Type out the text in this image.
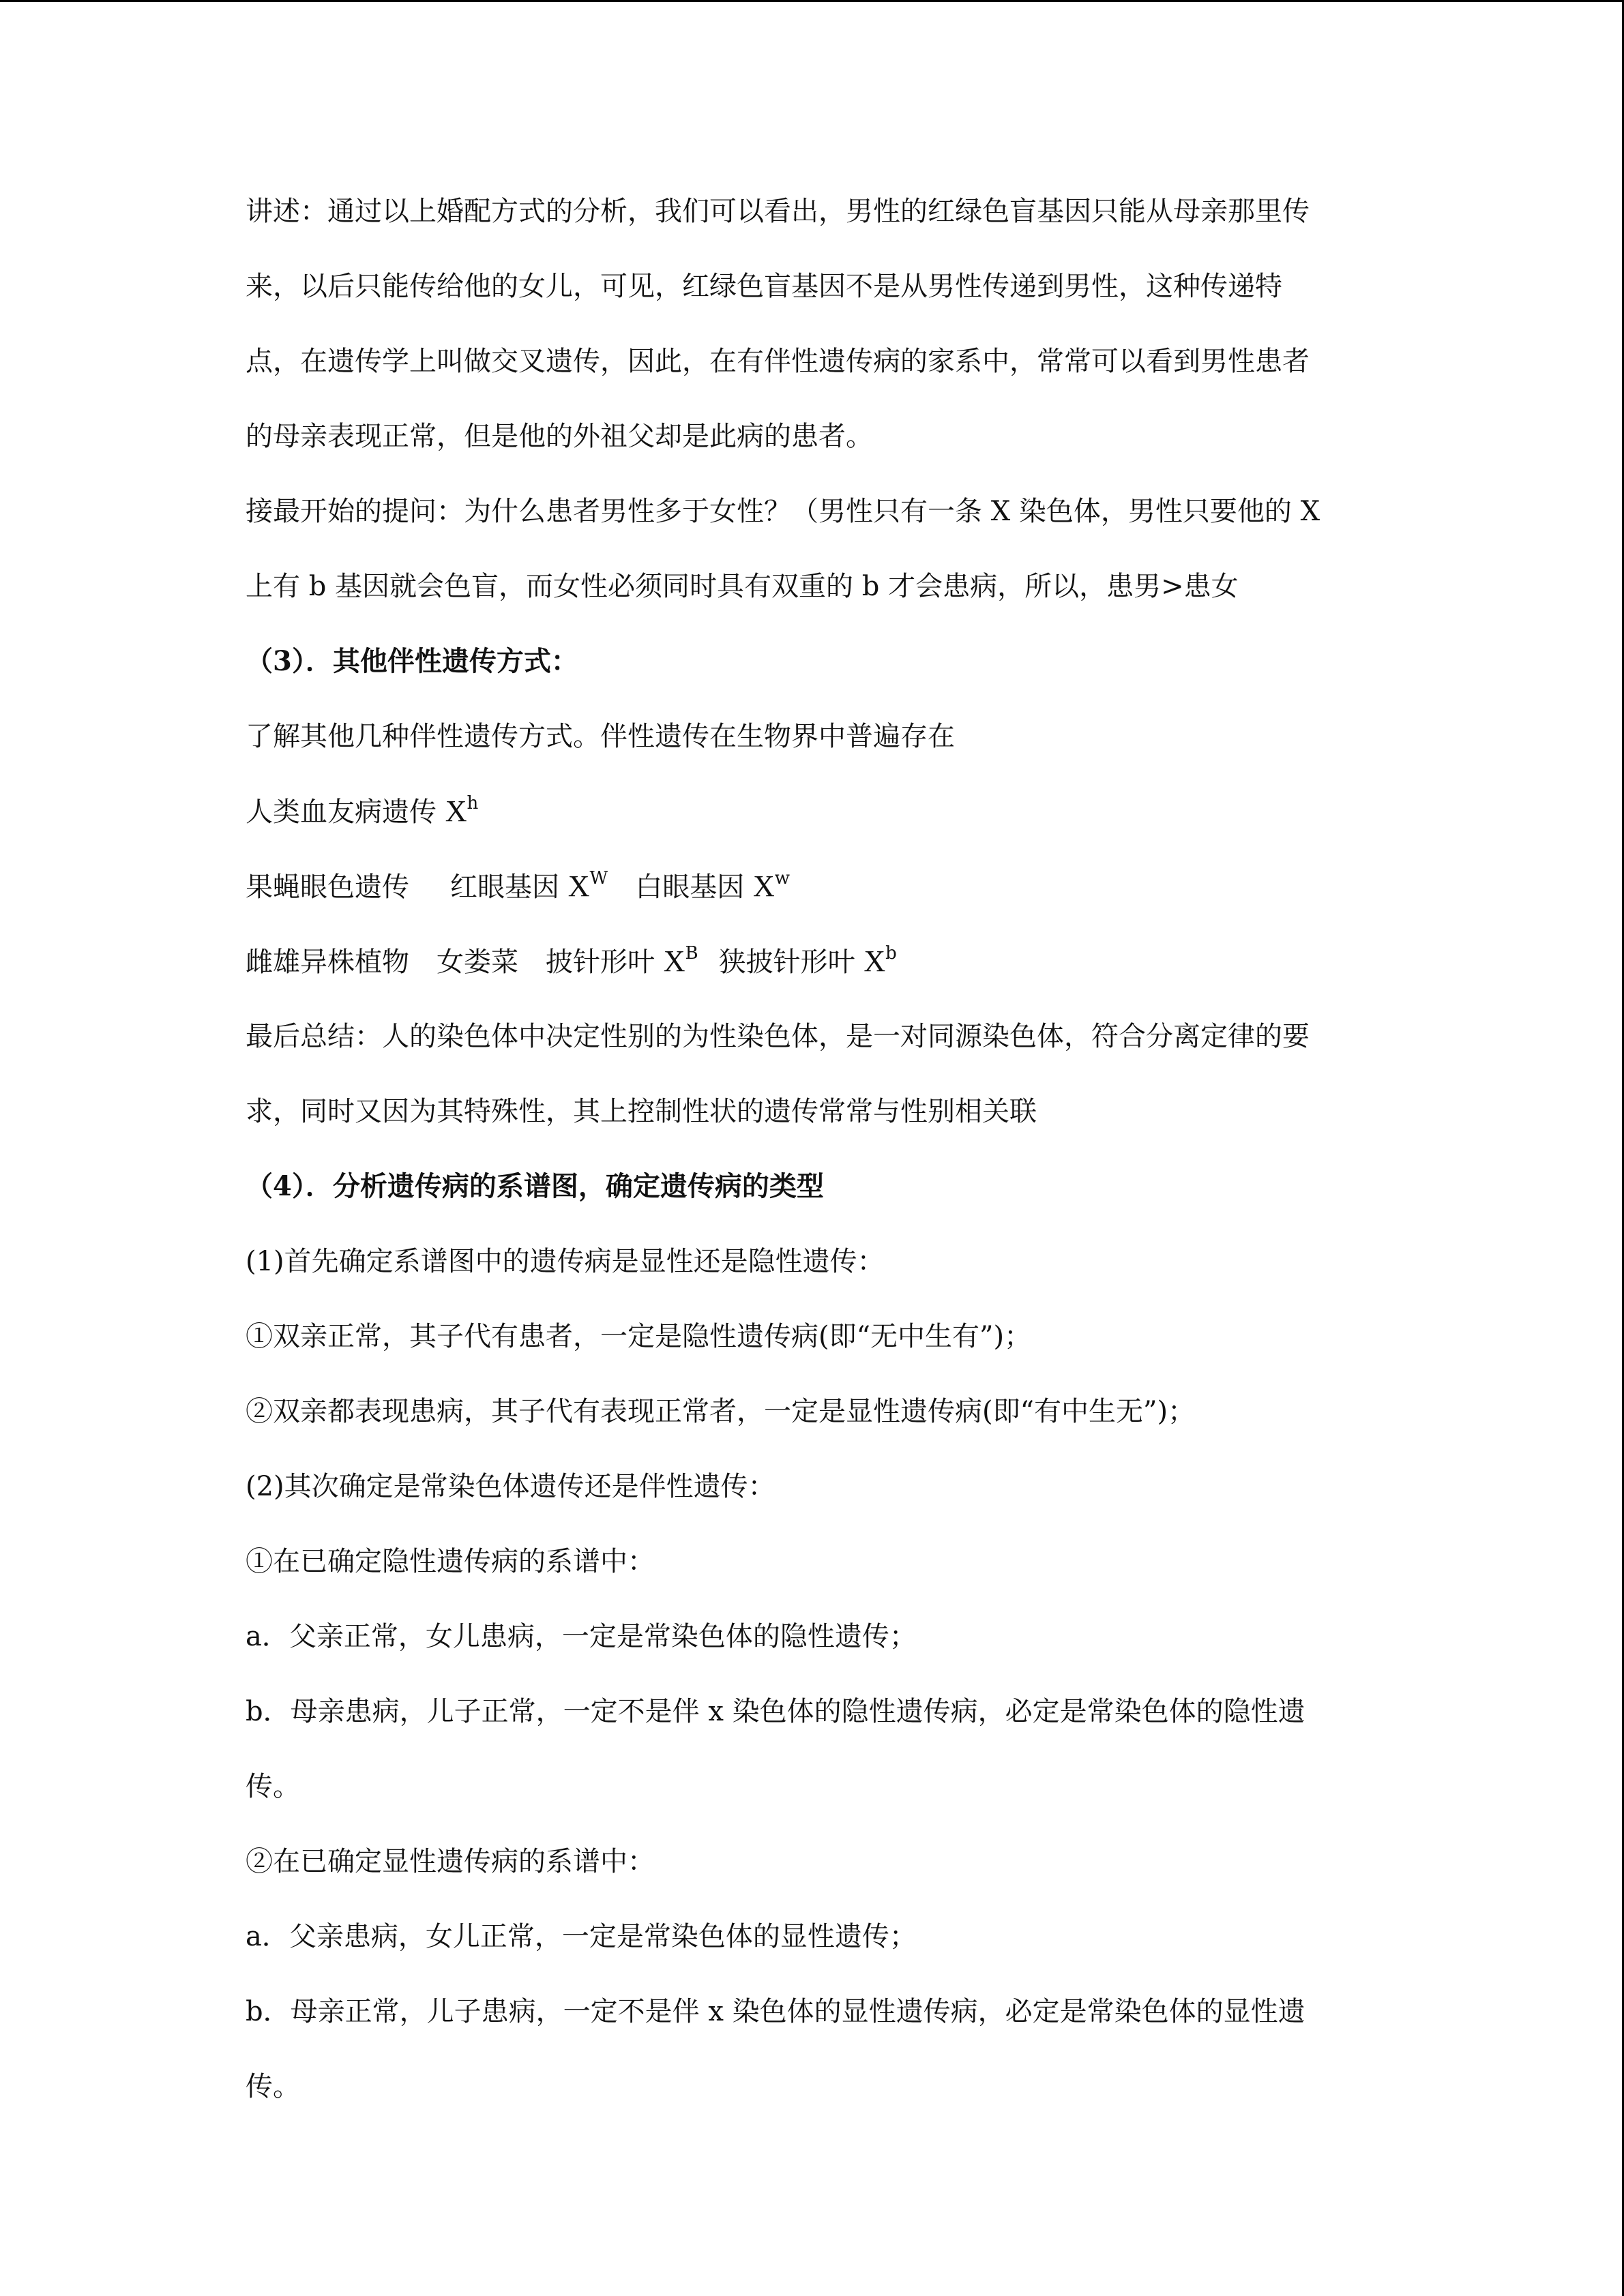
讲述：通过以上婚配方式的分析，我们可以看出，男性的红绿色盲基因只能从母亲那里传
来，以后只能传给他的女儿，可见，红绿色盲基因不是从男性传递到男性，这种传递特
点，在遗传学上叫做交叉遗传，因此，在有伴性遗传病的家系中，常常可以看到男性患者
的母亲表现正常，但是他的外祖父却是此病的患者。
接最开始的提问：为什么患者男性多于女性？（男性只有一条 X 染色体，男性只要他的 X
上有 b 基因就会色盲，而女性必须同时具有双重的 b 才会患病，所以，患男>患女
（3）．其他伴性遗传方式：
了解其他几种伴性遗传方式。伴性遗传在生物界中普遍存在
人类血友病遗传 $X^h$
果蝇眼色遗传 红眼基因 $X^W$ 白眼基因 $X^w$
雌雄异株植物 女娄菜 披针形叶 $X^B$ 狭披针形叶 $X^b$
最后总结：人的染色体中决定性别的为性染色体，是一对同源染色体，符合分离定律的要
求，同时又因为其特殊性，其上控制性状的遗传常常与性别相关联
（4）．分析遗传病的系谱图，确定遗传病的类型
(1)首先确定系谱图中的遗传病是显性还是隐性遗传：
①双亲正常，其子代有患者，一定是隐性遗传病(即“无中生有”)；
②双亲都表现患病，其子代有表现正常者，一定是显性遗传病(即“有中生无”)；
(2)其次确定是常染色体遗传还是伴性遗传：
①在已确定隐性遗传病的系谱中：
a．父亲正常，女儿患病，一定是常染色体的隐性遗传；
b．母亲患病，儿子正常，一定不是伴 x 染色体的隐性遗传病，必定是常染色体的隐性遗
传。
②在已确定显性遗传病的系谱中：
a．父亲患病，女儿正常，一定是常染色体的显性遗传；
b．母亲正常，儿子患病，一定不是伴 x 染色体的显性遗传病，必定是常染色体的显性遗
传。
